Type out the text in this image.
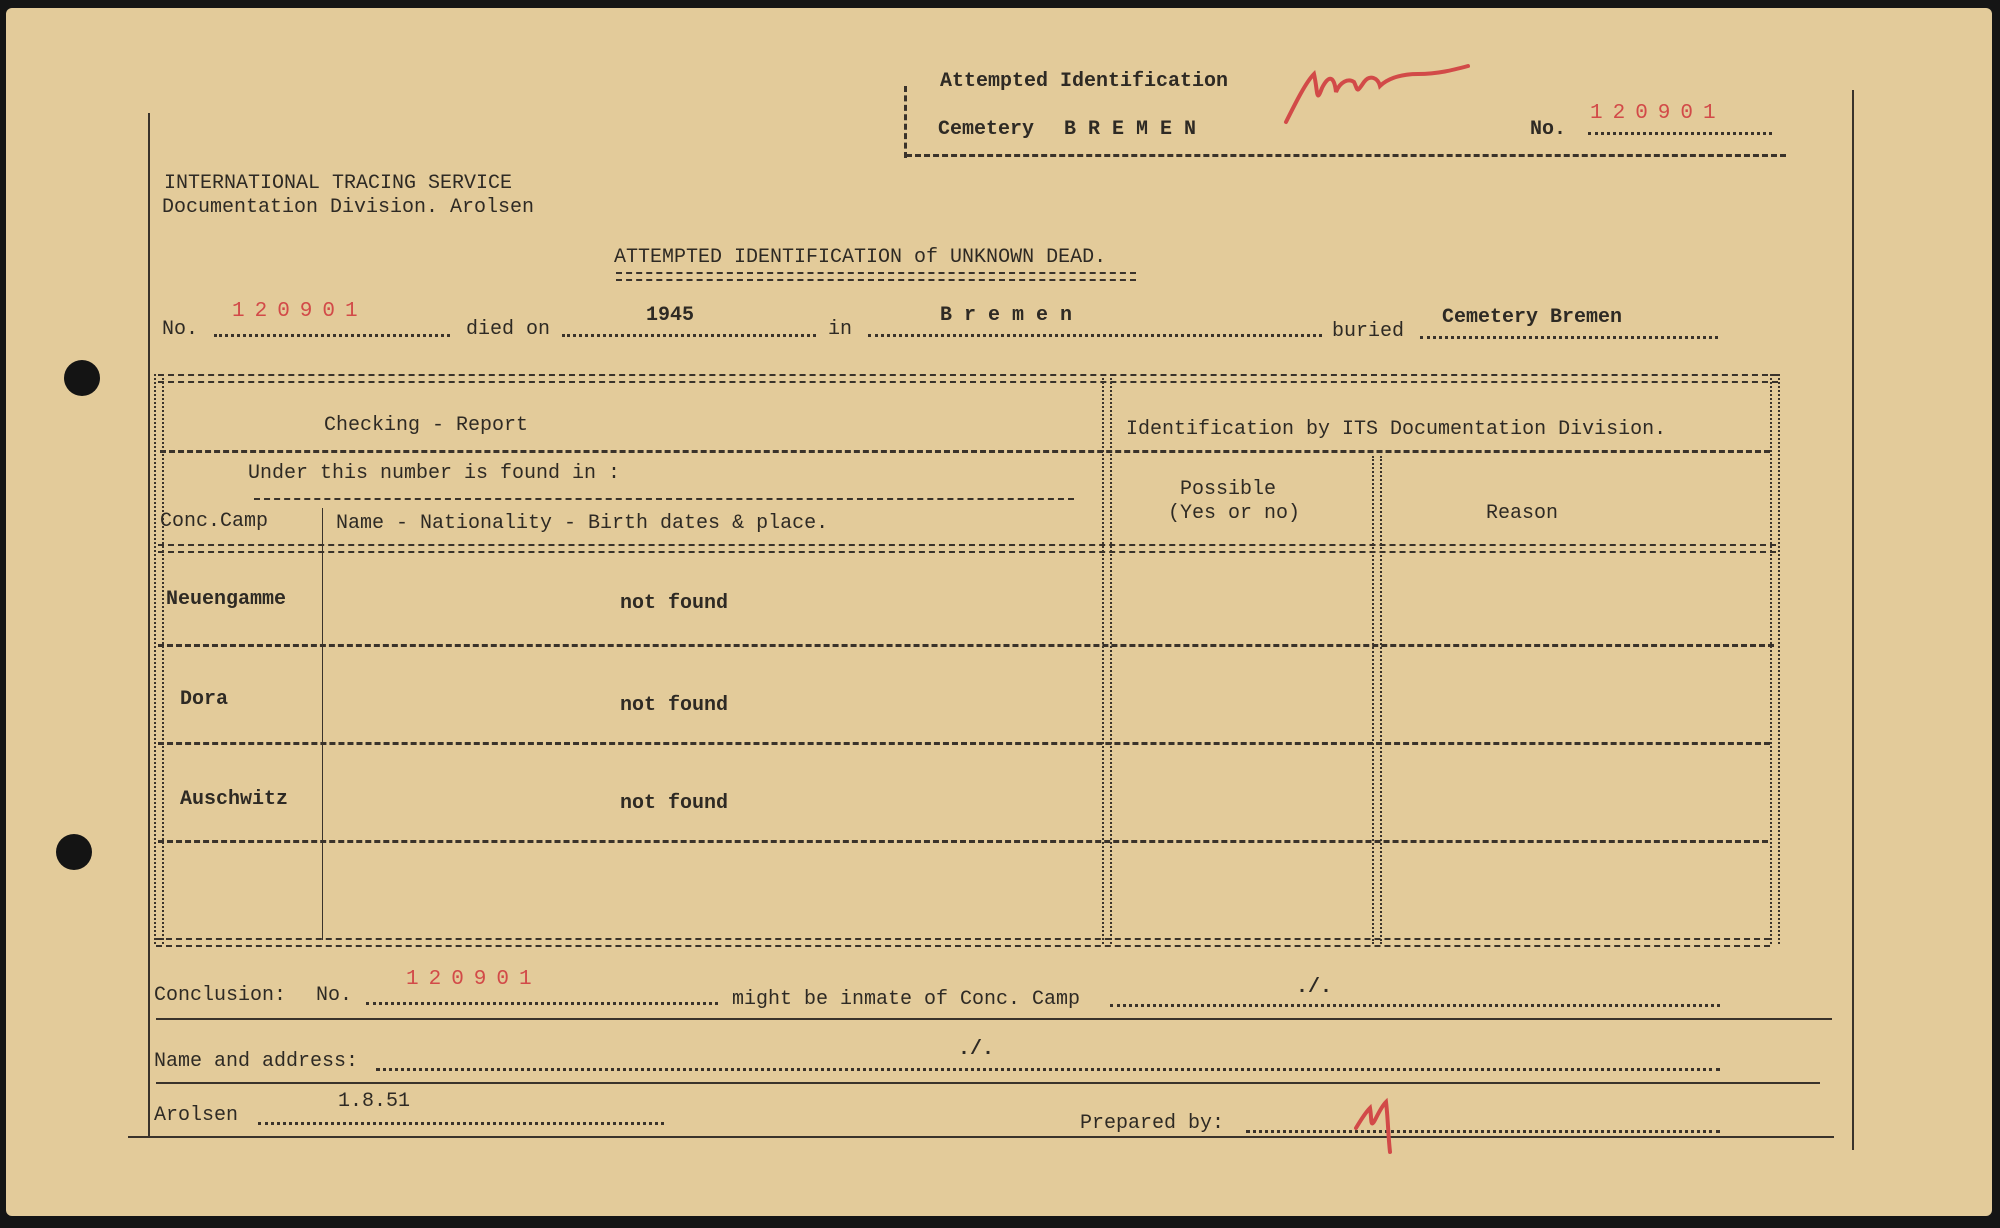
Attempted Identification
Cemetery B R E M E N	No.
120901
INTERNATIONAL TRACING SERVICE
Documentation Division. Arolsen
ATTEMPTED IDENTIFICATION of UNKNOWN DEAD.
No.
120901
died on
1945
in
B r e m e n
buried
Cemetery Bremen
Checking - Report	Identification by ITS Documentation Division.
Under this number is found in :
Conc.Camp	Name - Nationality - Birth dates & place.
Possible
(Yes or no)	Reason
Neuengamme	not found
Dora	not found
Auschwitz	not found
Conclusion: No.
120901
might be inmate of Conc. Camp
./.
Name and address:
./.
Arolsen
1.8.51
Prepared by:
